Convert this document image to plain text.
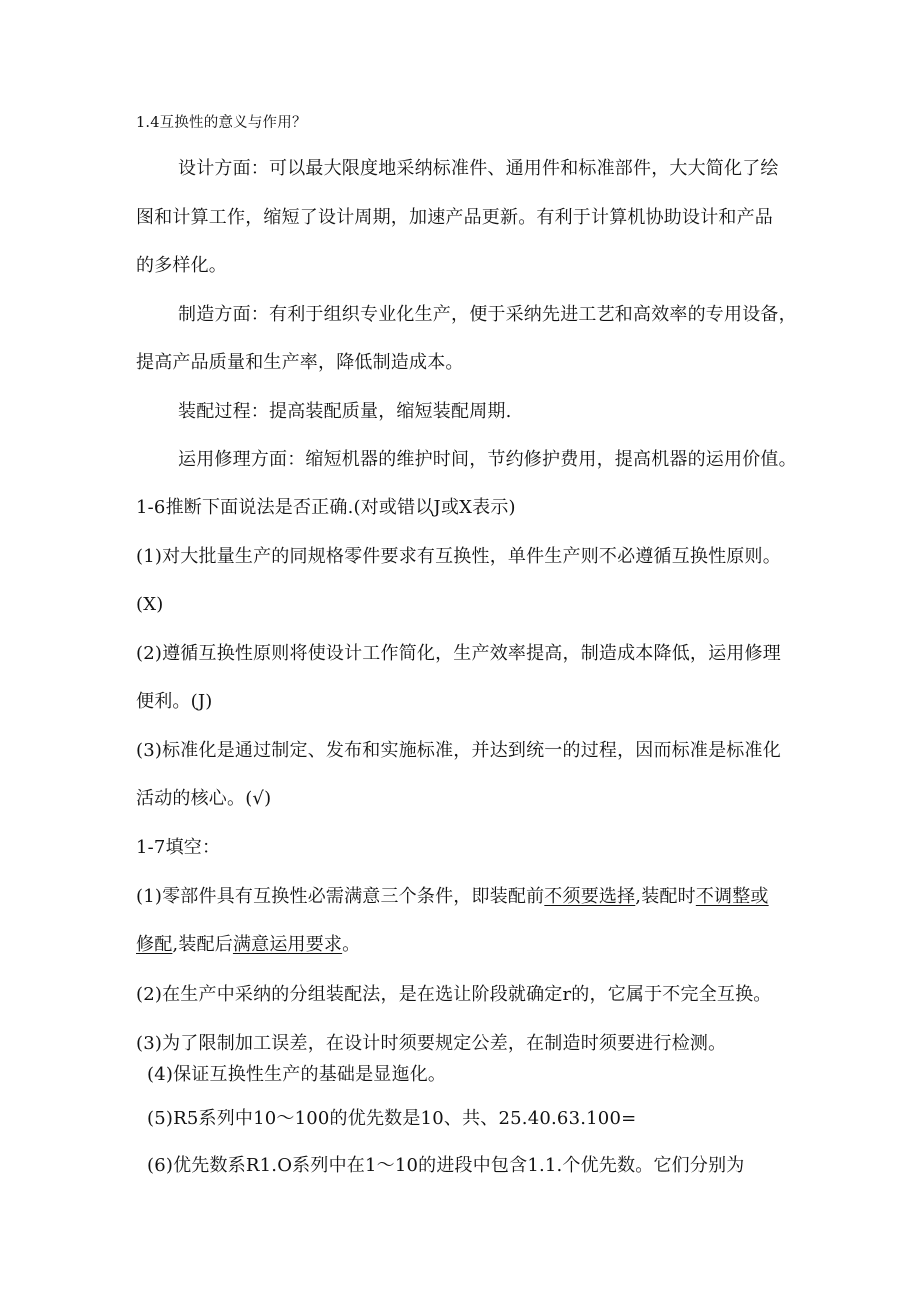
1.4互换性的意义与作用？
设计方面：可以最大限度地采纳标准件、通用件和标准部件，大大简化了绘
图和计算工作，缩短了设计周期，加速产品更新。有利于计算机协助设计和产品
的多样化。
制造方面：有利于组织专业化生产，便于采纳先进工艺和高效率的专用设备，
提高产品质量和生产率，降低制造成本。
装配过程：提高装配质量，缩短装配周期.
运用修理方面：缩短机器的维护时间，节约修护费用，提高机器的运用价值。
1-6推断下面说法是否正确.(对或错以J或X表示)
(1)对大批量生产的同规格零件要求有互换性，单件生产则不必遵循互换性原则。
(X)
(2)遵循互换性原则将使设计工作简化，生产效率提高，制造成本降低，运用修理
便利。(J)
(3)标准化是通过制定、发布和实施标准，并达到统一的过程，因而标准是标准化
活动的核心。(√)
1-7填空：
(1)零部件具有互换性必需满意三个条件，即装配前不须要选择,装配时不调整或
修配,装配后满意运用要求。
(2)在生产中采纳的分组装配法，是在选让阶段就确定r的，它属于不完全互换。
(3)为了限制加工误差，在设计时须要规定公差，在制造时须要进行检测。
(4)保证互换性生产的基础是显迤化。
(5)R5系列中10～100的优先数是10、共、25.40.63.100=
(6)优先数系R1.O系列中在1～10的进段中包含1.1.个优先数。它们分别为
